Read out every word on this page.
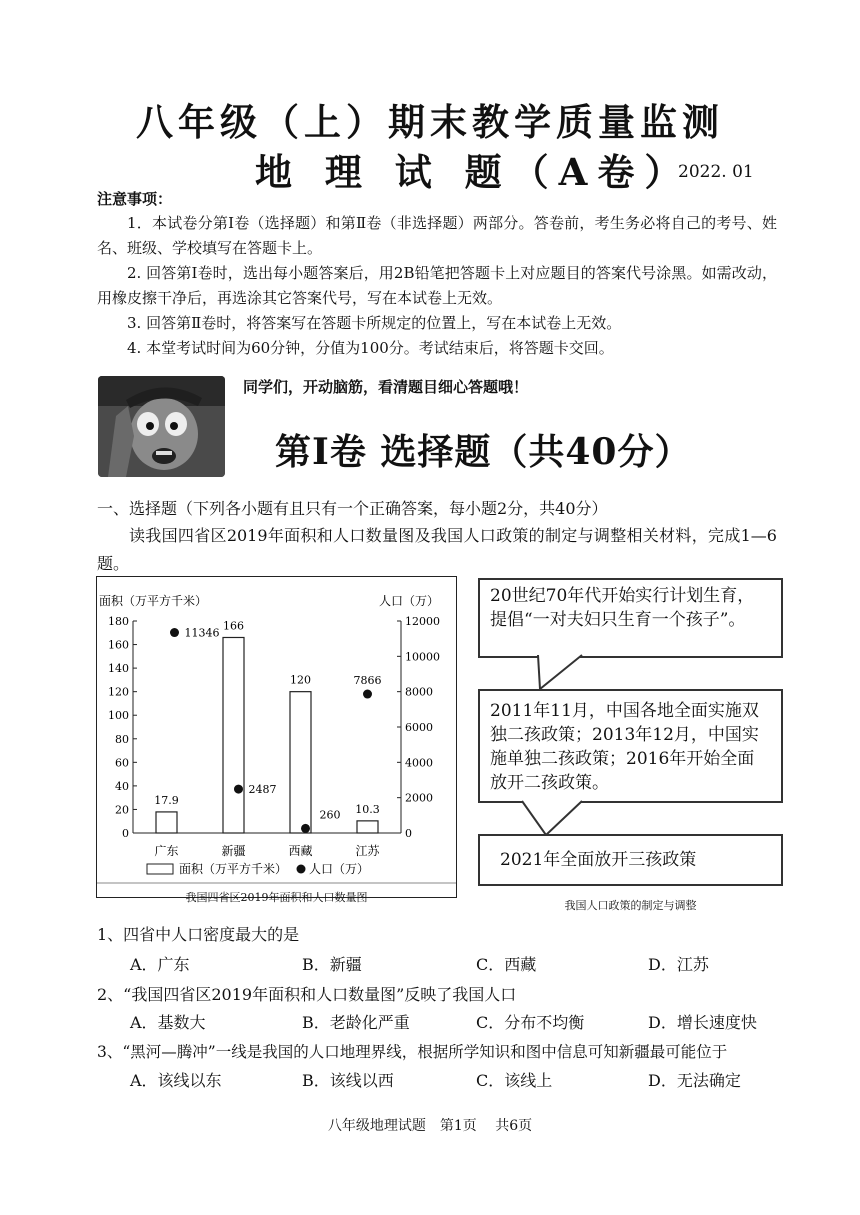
八年级（上）期末教学质量监测
地 理 试 题（A卷）
2022. 01
注意事项：
1．本试卷分第Ⅰ卷（选择题）和第Ⅱ卷（非选择题）两部分。答卷前，考生务必将自己的考号、姓名、班级、学校填写在答题卡上。
2. 回答第Ⅰ卷时，选出每小题答案后，用2B铅笔把答题卡上对应题目的答案代号涂黑。如需改动，用橡皮擦干净后，再选涂其它答案代号，写在本试卷上无效。
3. 回答第Ⅱ卷时，将答案写在答题卡所规定的位置上，写在本试卷上无效。
4. 本堂考试时间为60分钟，分值为100分。考试结束后，将答题卡交回。
同学们，开动脑筋，看清题目细心答题哦！
第Ⅰ卷 选择题（共40分）
一、选择题（下列各小题有且只有一个正确答案，每小题2分，共40分）
读我国四省区2019年面积和人口数量图及我国人口政策的制定与调整相关材料，完成1—6题。
面积（万平方千米）	人口（万）
0
20
40
60
80
100
120
140
160
180
0
2000
4000
6000
8000
10000
12000
17.9
广东
11346
166
新疆
2487
120
西藏
260 10.3
江苏
7866
面积（万平方千米） 人口（万）
我国四省区2019年面积和人口数量图
20世纪70年代开始实行计划生育，提倡“一对夫妇只生育一个孩子”。
2011年11月，中国各地全面实施双独二孩政策；2013年12月，中国实施单独二孩政策；2016年开始全面放开二孩政策。
2021年全面放开三孩政策
我国人口政策的制定与调整
1、四省中人口密度最大的是
A．广东	B．新疆	C．西藏	D．江苏
2、“我国四省区2019年面积和人口数量图”反映了我国人口
A．基数大	B．老龄化严重	C．分布不均衡	D．增长速度快
3、“黑河—腾冲”一线是我国的人口地理界线，根据所学知识和图中信息可知新疆最可能位于
A．该线以东	B．该线以西	C．该线上	D．无法确定
八年级地理试题　第1页　 共6页
